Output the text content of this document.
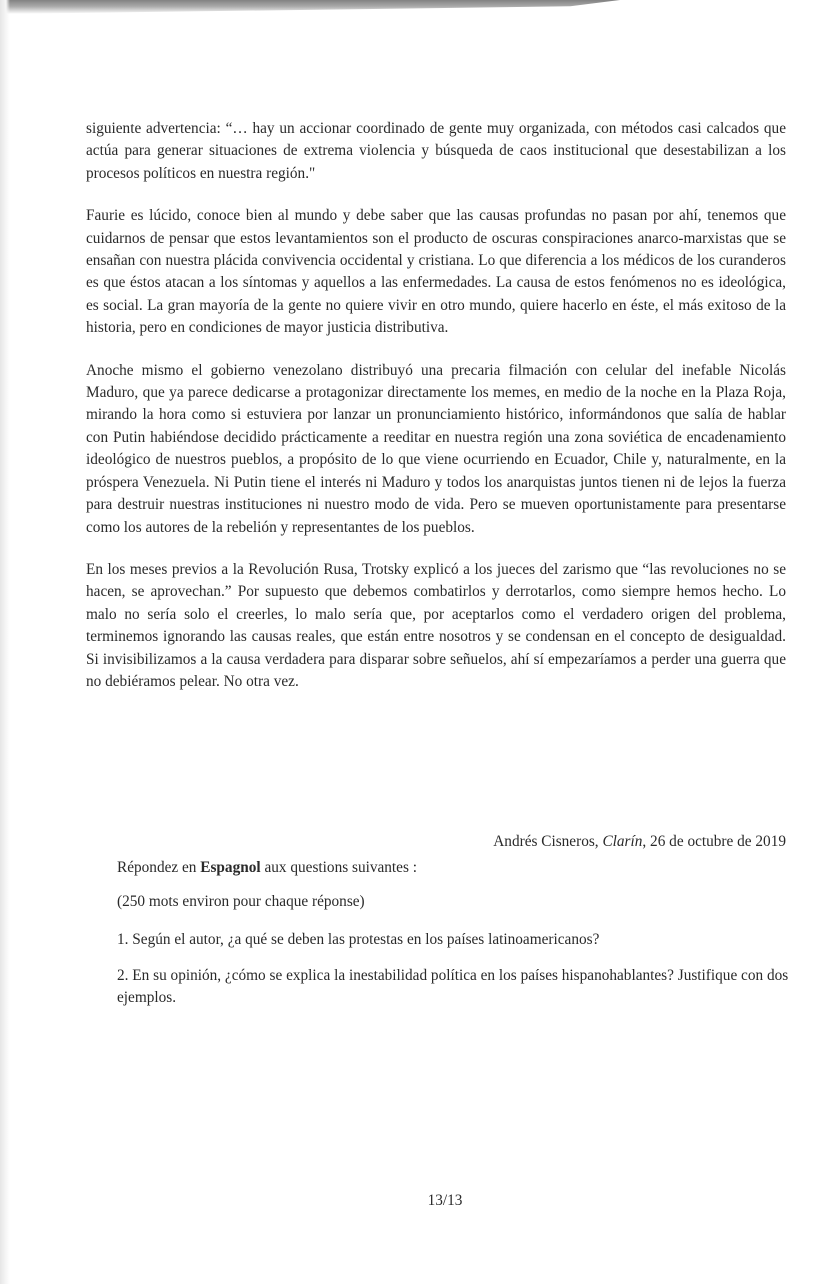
siguiente advertencia: “… hay un accionar coordinado de gente muy organizada, con métodos casi calcados que actúa para generar situaciones de extrema violencia y búsqueda de caos institucional que desestabilizan a los procesos políticos en nuestra región."

Faurie es lúcido, conoce bien al mundo y debe saber que las causas profundas no pasan por ahí, tenemos que cuidarnos de pensar que estos levantamientos son el producto de oscuras conspiraciones anarco-marxistas que se ensañan con nuestra plácida convivencia occidental y cristiana. Lo que diferencia a los médicos de los curanderos es que éstos atacan a los síntomas y aquellos a las enfermedades. La causa de estos fenómenos no es ideológica, es social. La gran mayoría de la gente no quiere vivir en otro mundo, quiere hacerlo en éste, el más exitoso de la historia, pero en condiciones de mayor justicia distributiva.

Anoche mismo el gobierno venezolano distribuyó una precaria filmación con celular del inefable Nicolás Maduro, que ya parece dedicarse a protagonizar directamente los memes, en medio de la noche en la Plaza Roja, mirando la hora como si estuviera por lanzar un pronunciamiento histórico, informándonos que salía de hablar con Putin habiéndose decidido prácticamente a reeditar en nuestra región una zona soviética de encadenamiento ideológico de nuestros pueblos, a propósito de lo que viene ocurriendo en Ecuador, Chile y, naturalmente, en la próspera Venezuela. Ni Putin tiene el interés ni Maduro y todos los anarquistas juntos tienen ni de lejos la fuerza para destruir nuestras instituciones ni nuestro modo de vida. Pero se mueven oportunistamente para presentarse como los autores de la rebelión y representantes de los pueblos.

En los meses previos a la Revolución Rusa, Trotsky explicó a los jueces del zarismo que “las revoluciones no se hacen, se aprovechan.” Por supuesto que debemos combatirlos y derrotarlos, como siempre hemos hecho. Lo malo no sería solo el creerles, lo malo sería que, por aceptarlos como el verdadero origen del problema, terminemos ignorando las causas reales, que están entre nosotros y se condensan en el concepto de desigualdad. Si invisibilizamos a la causa verdadera para disparar sobre señuelos, ahí sí empezaríamos a perder una guerra que no debiéramos pelear. No otra vez.

Andrés Cisneros, Clarín, 26 de octubre de 2019

Répondez en Espagnol aux questions suivantes :

(250 mots environ pour chaque réponse)

1. Según el autor, ¿a qué se deben las protestas en los países latinoamericanos?

2. En su opinión, ¿cómo se explica la inestabilidad política en los países hispanohablantes? Justifique con dos ejemplos.

13/13
